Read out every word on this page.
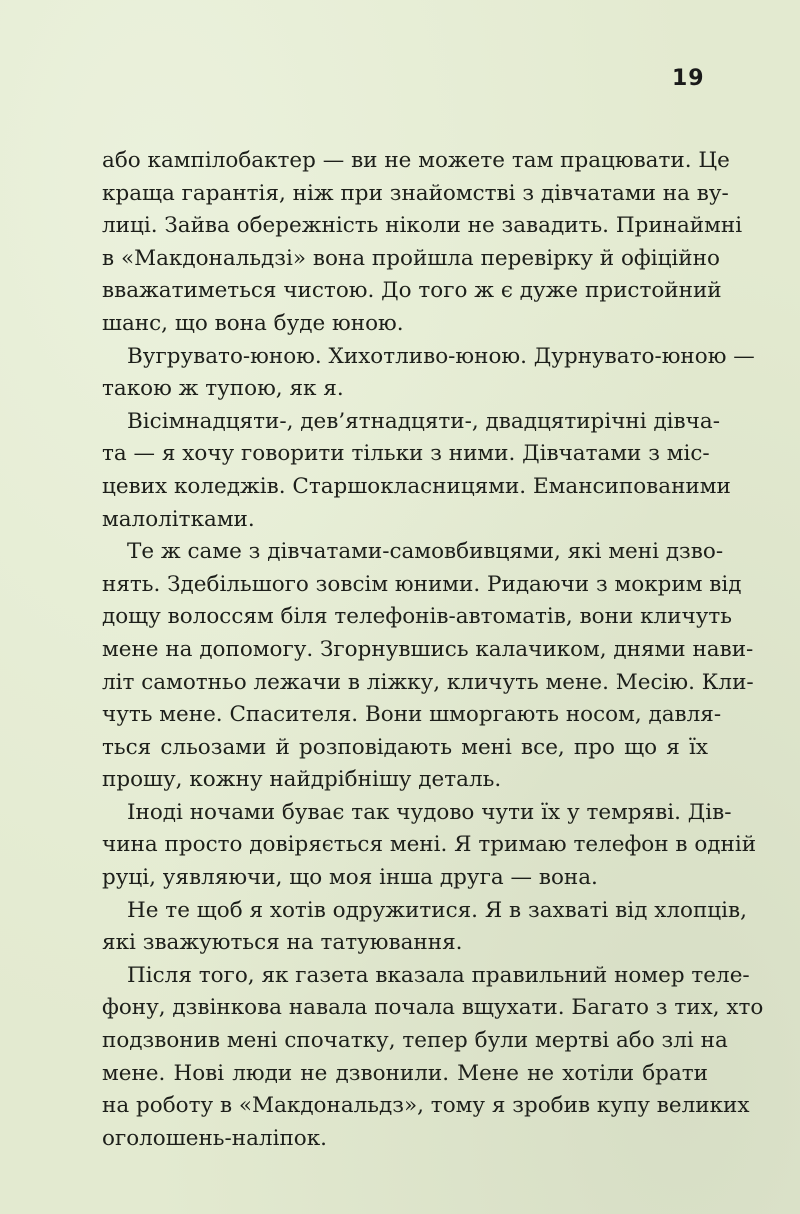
19
або кампілобактер — ви не можете там працювати. Це
краща гарантія, ніж при знайомстві з дівчатами на ву-
лиці. Зайва обережність ніколи не завадить. Принаймні
в «Макдональдзі» вона пройшла перевірку й офіційно
вважатиметься чистою. До того ж є дуже пристойний
шанс, що вона буде юною.
Вугрувато-юною. Хихотливо-юною. Дурнувато-юною —
такою ж тупою, як я.
Вісімнадцяти-, дев’ятнадцяти-, двадцятирічні дівча-
та — я хочу говорити тільки з ними. Дівчатами з міс-
цевих коледжів. Старшокласницями. Емансипованими
малолітками.
Те ж саме з дівчатами-самовбивцями, які мені дзво-
нять. Здебільшого зовсім юними. Ридаючи з мокрим від
дощу волоссям біля телефонів-автоматів, вони кличуть
мене на допомогу. Згорнувшись калачиком, днями нави-
літ самотньо лежачи в ліжку, кличуть мене. Месію. Кли-
чуть мене. Спасителя. Вони шморгають носом, давля-
ться сльозами й розповідають мені все, про що я їх
прошу, кожну найдрібнішу деталь.
Іноді ночами буває так чудово чути їх у темряві. Дів-
чина просто довіряється мені. Я тримаю телефон в одній
руці, уявляючи, що моя інша друга — вона.
Не те щоб я хотів одружитися. Я в захваті від хлопців,
які зважуються на татуювання.
Після того, як газета вказала правильний номер теле-
фону, дзвінкова навала почала вщухати. Багато з тих, хто
подзвонив мені спочатку, тепер були мертві або злі на
мене. Нові люди не дзвонили. Мене не хотіли брати
на роботу в «Макдональдз», тому я зробив купу великих
оголошень-наліпок.
